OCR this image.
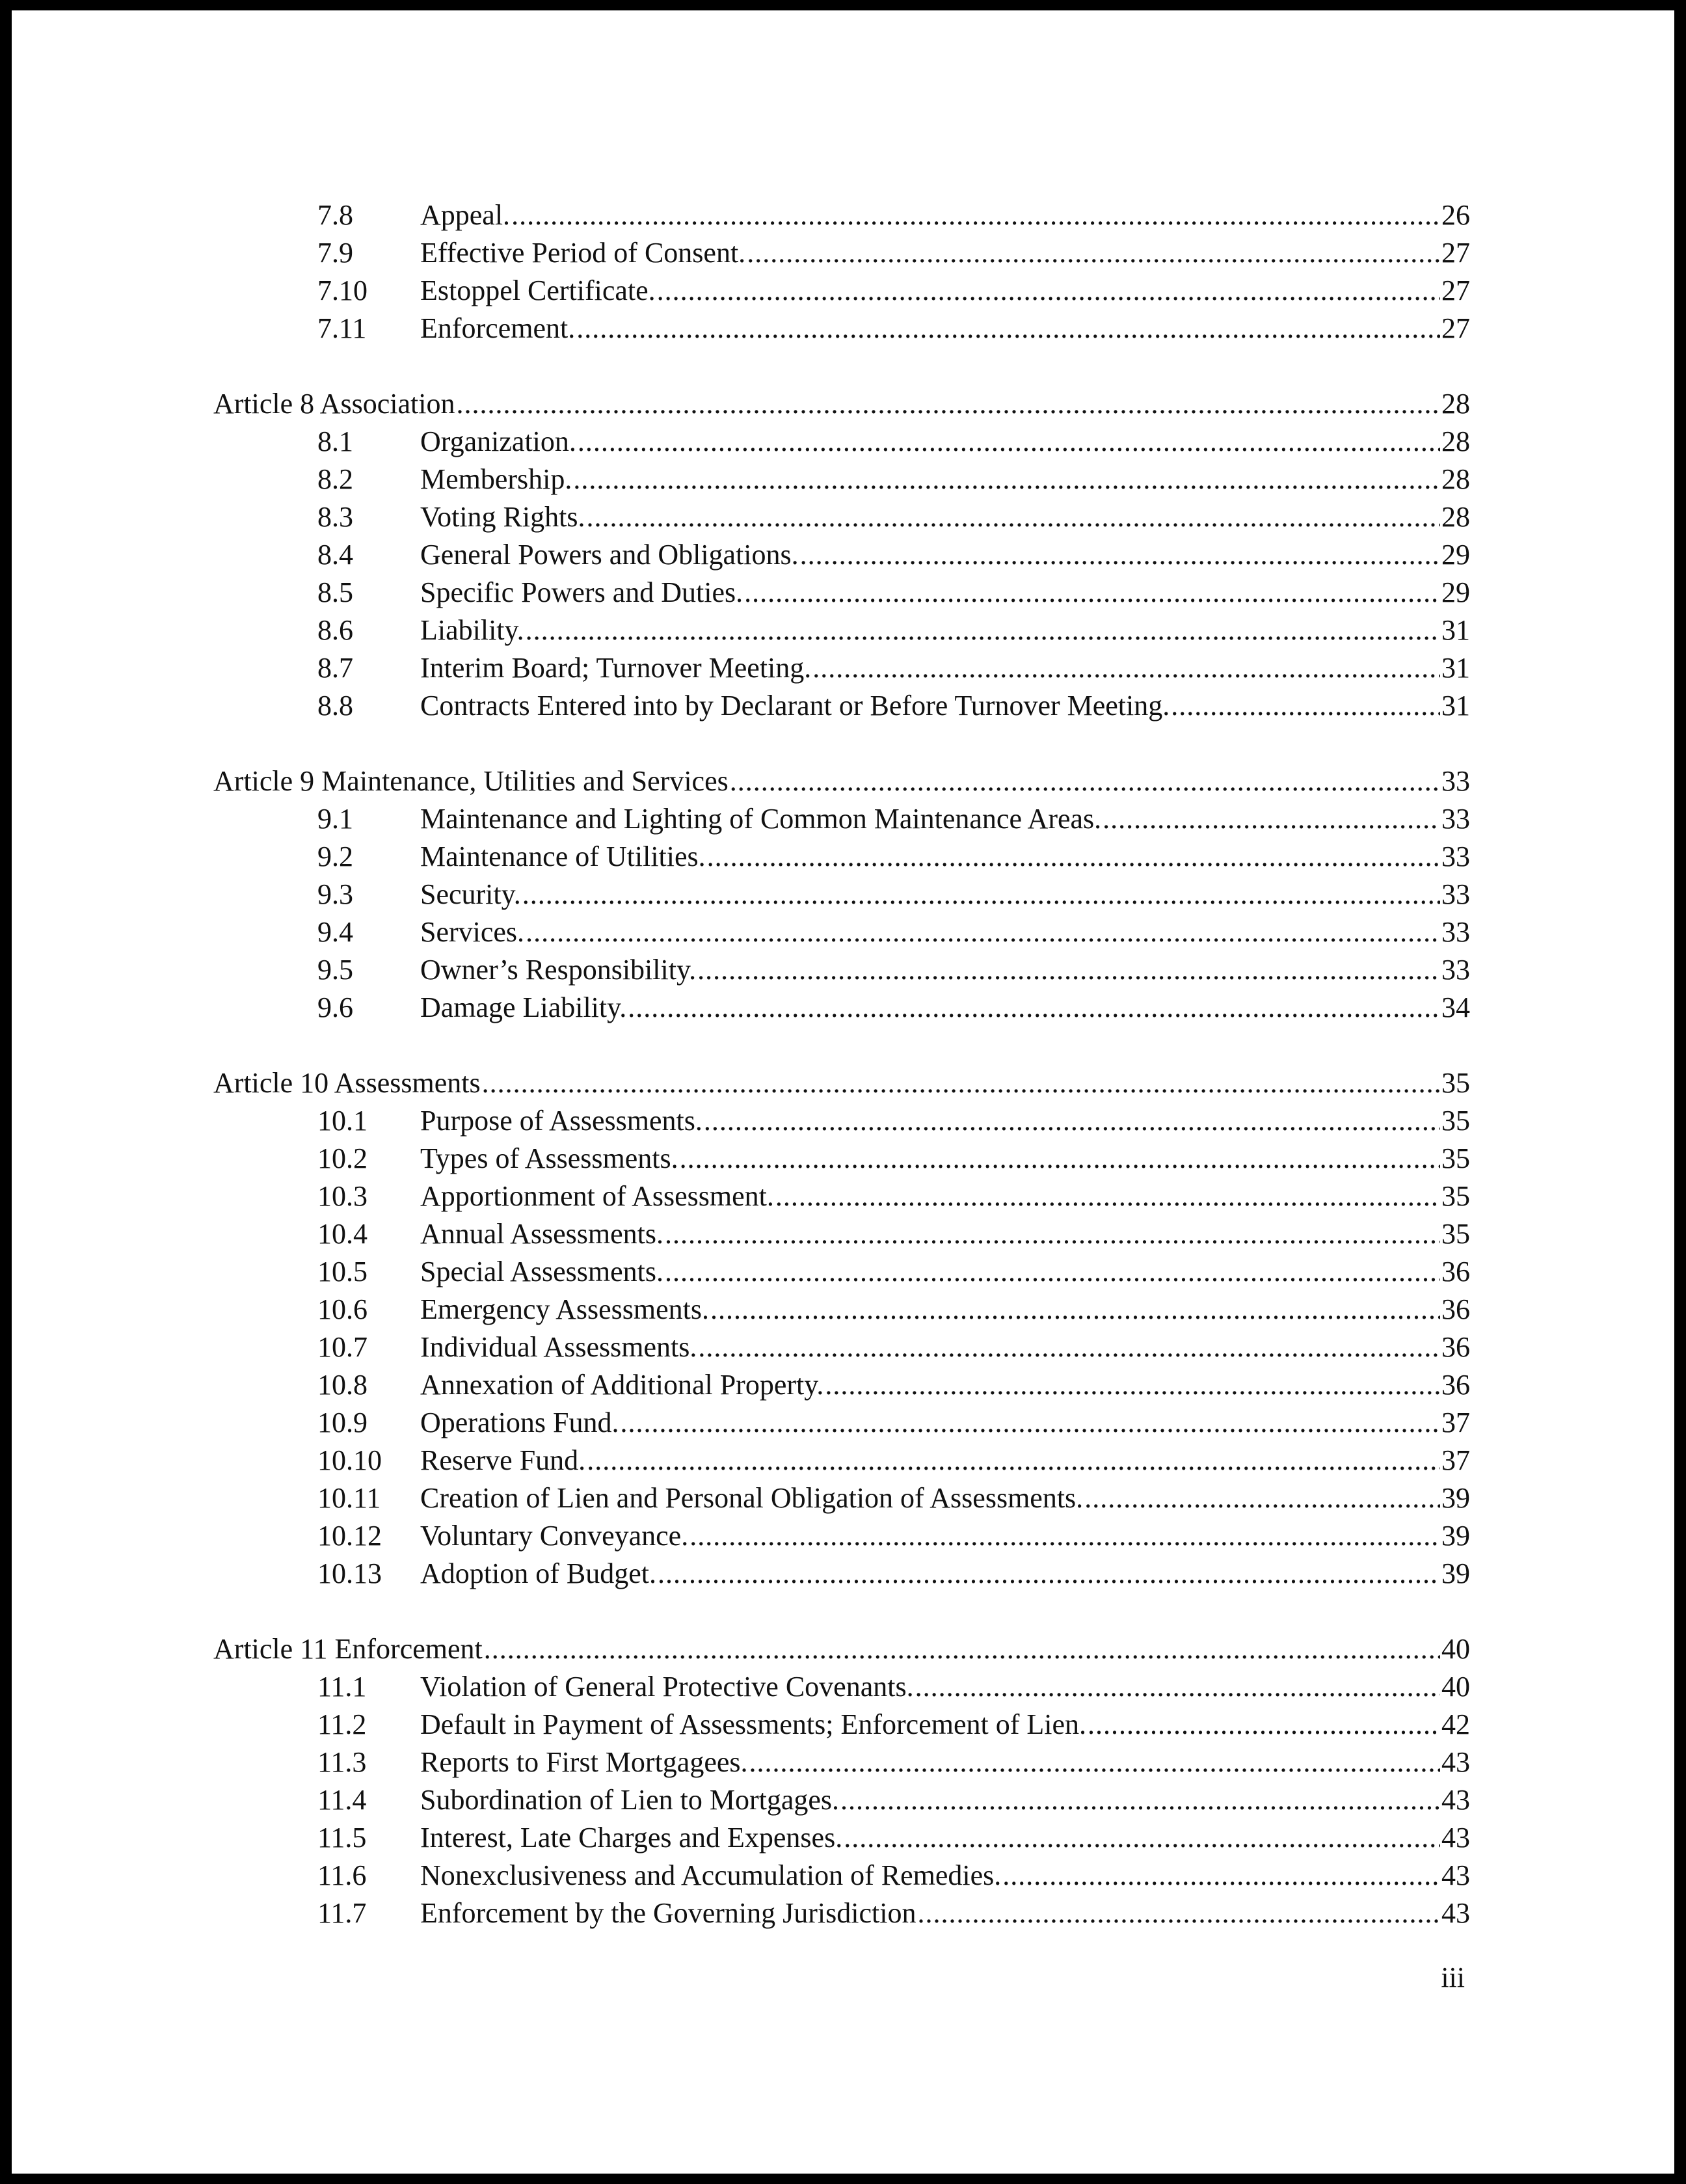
7.8	Appeal. .....	26
7.9	Effective Period of Consent. .....	27
7.10	Estoppel Certificate. .....	27
7.11	Enforcement. .....	27
Article 8 Association .....	28
8.1	Organization. .....	28
8.2	Membership. .....	28
8.3	Voting Rights. .....	28
8.4	General Powers and Obligations. .....	29
8.5	Specific Powers and Duties. .....	29
8.6	Liability. .....	31
8.7	Interim Board; Turnover Meeting. .....	31
8.8	Contracts Entered into by Declarant or Before Turnover Meeting. .....	31
Article 9 Maintenance, Utilities and Services .....	33
9.1	Maintenance and Lighting of Common Maintenance Areas. .....	33
9.2	Maintenance of Utilities. .....	33
9.3	Security. .....	33
9.4	Services. .....	33
9.5	Owner’s Responsibility. .....	33
9.6	Damage Liability. .....	34
Article 10 Assessments .....	35
10.1	Purpose of Assessments. .....	35
10.2	Types of Assessments. .....	35
10.3	Apportionment of Assessment. .....	35
10.4	Annual Assessments. .....	35
10.5	Special Assessments. .....	36
10.6	Emergency Assessments. .....	36
10.7	Individual Assessments. .....	36
10.8	Annexation of Additional Property. .....	36
10.9	Operations Fund. .....	37
10.10	Reserve Fund. .....	37
10.11	Creation of Lien and Personal Obligation of Assessments. .....	39
10.12	Voluntary Conveyance. .....	39
10.13	Adoption of Budget. .....	39
Article 11 Enforcement .....	40
11.1	Violation of General Protective Covenants. .....	40
11.2	Default in Payment of Assessments; Enforcement of Lien. .....	42
11.3	Reports to First Mortgagees. .....	43
11.4	Subordination of Lien to Mortgages. .....	43
11.5	Interest, Late Charges and Expenses. .....	43
11.6	Nonexclusiveness and Accumulation of Remedies. .....	43
11.7	Enforcement by the Governing Jurisdiction .....	43
iii
